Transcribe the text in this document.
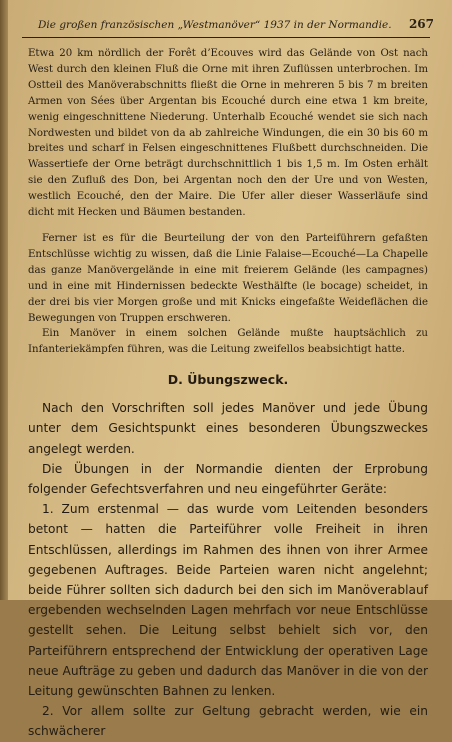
Die großen französischen „Westmanöver“ 1937 in der Normandie. 267

Etwa 20 km nördlich der Forêt d’Ecouves wird das Gelände von Ost nach West durch den kleinen Fluß die Orne mit ihren Zuflüssen unterbrochen. Im Ostteil des Manöverabschnitts fließt die Orne in mehreren 5 bis 7 m breiten Armen von Sées über Argentan bis Ecouché durch eine etwa 1 km breite, wenig eingeschnittene Niederung. Unterhalb Ecouché wendet sie sich nach Nordwesten und bildet von da ab zahlreiche Windungen, die ein 30 bis 60 m breites und scharf in Felsen eingeschnittenes Flußbett durchschneiden. Die Wassertiefe der Orne beträgt durchschnittlich 1 bis 1,5 m. Im Osten erhält sie den Zufluß des Don, bei Argentan noch den der Ure und von Westen, westlich Ecouché, den der Maire. Die Ufer aller dieser Wasserläufe sind dicht mit Hecken und Bäumen bestanden.

Ferner ist es für die Beurteilung der von den Parteiführern gefaßten Entschlüsse wichtig zu wissen, daß die Linie Falaise—Ecouché—La Chapelle das ganze Manövergelände in eine mit freierem Gelände (les campagnes) und in eine mit Hindernissen bedeckte Westhälfte (le bocage) scheidet, in der drei bis vier Morgen große und mit Knicks eingefaßte Weideflächen die Bewegungen von Truppen erschweren.

Ein Manöver in einem solchen Gelände mußte hauptsächlich zu Infanteriekämpfen führen, was die Leitung zweifellos beabsichtigt hatte.

D. Übungszweck.

Nach den Vorschriften soll jedes Manöver und jede Übung unter dem Gesichtspunkt eines besonderen Übungszweckes angelegt werden.

Die Übungen in der Normandie dienten der Erprobung folgender Gefechtsverfahren und neu eingeführter Geräte:

1. Zum erstenmal — das wurde vom Leitenden besonders betont — hatten die Parteiführer volle Freiheit in ihren Entschlüssen, allerdings im Rahmen des ihnen von ihrer Armee gegebenen Auftrages. Beide Parteien waren nicht angelehnt; beide Führer sollten sich dadurch bei den sich im Manöverablauf ergebenden wechselnden Lagen mehrfach vor neue Entschlüsse gestellt sehen. Die Leitung selbst behielt sich vor, den Parteiführern entsprechend der Entwicklung der operativen Lage neue Aufträge zu geben und dadurch das Manöver in die von der Leitung gewünschten Bahnen zu lenken.

2. Vor allem sollte zur Geltung gebracht werden, wie ein schwächerer
